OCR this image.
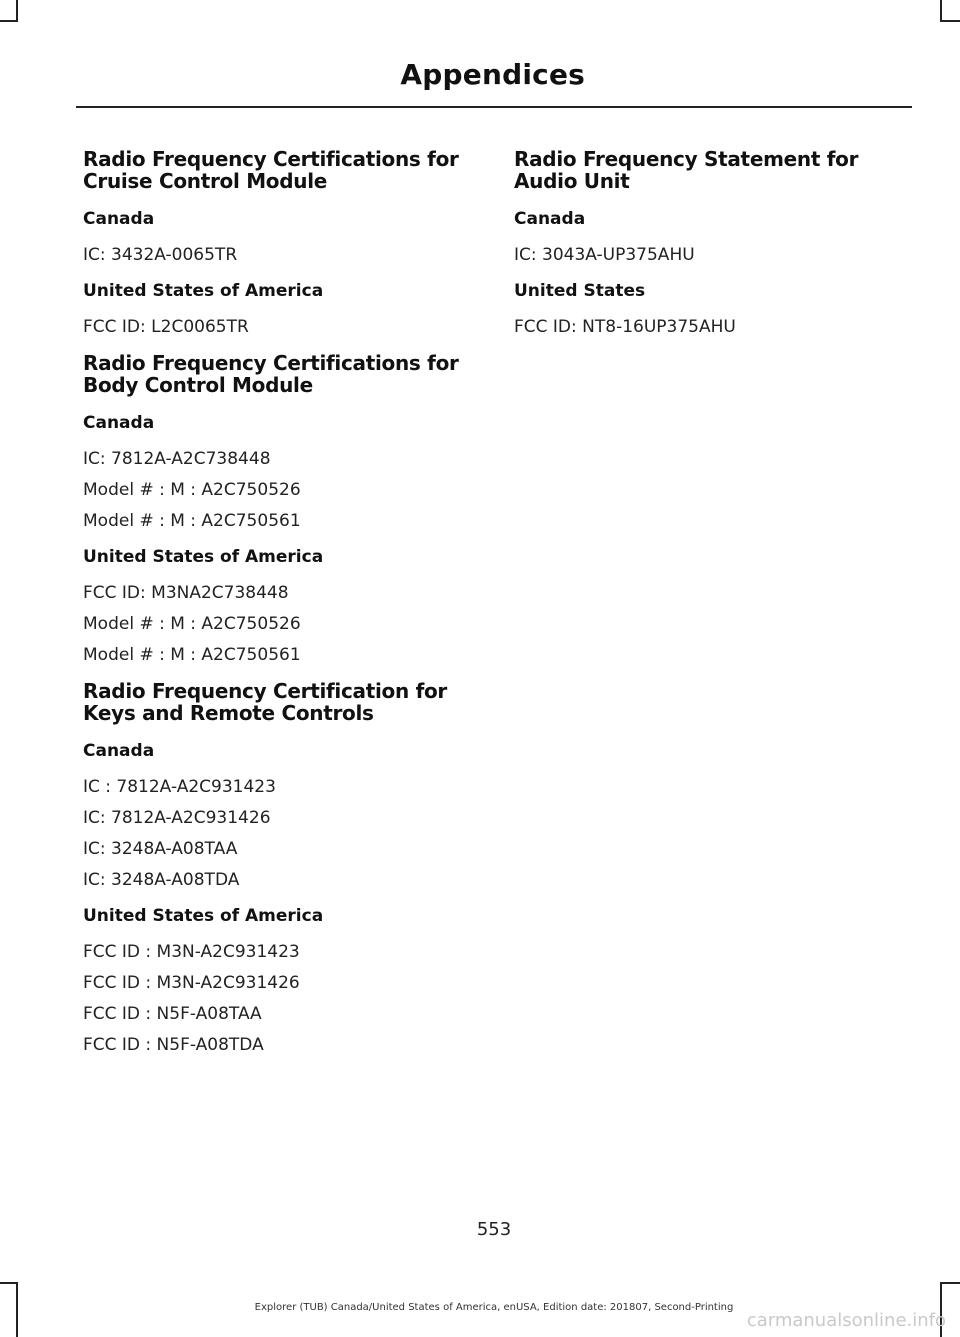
Appendices
Radio Frequency Certifications for Cruise Control Module
Canada
IC: 3432A-0065TR
United States of America
FCC ID: L2C0065TR
Radio Frequency Certifications for Body Control Module
Canada
IC: 7812A-A2C738448
Model # : M : A2C750526
Model # : M : A2C750561
United States of America
FCC ID: M3NA2C738448
Model # : M : A2C750526
Model # : M : A2C750561
Radio Frequency Certification for Keys and Remote Controls
Canada
IC : 7812A-A2C931423
IC: 7812A-A2C931426
IC: 3248A-A08TAA
IC: 3248A-A08TDA
United States of America
FCC ID : M3N-A2C931423
FCC ID : M3N-A2C931426
FCC ID : N5F-A08TAA
FCC ID : N5F-A08TDA
Radio Frequency Statement for Audio Unit
Canada
IC: 3043A-UP375AHU
United States
FCC ID: NT8-16UP375AHU
553
Explorer (TUB) Canada/United States of America, enUSA, Edition date: 201807, Second-Printing
carmanualsonline.info
